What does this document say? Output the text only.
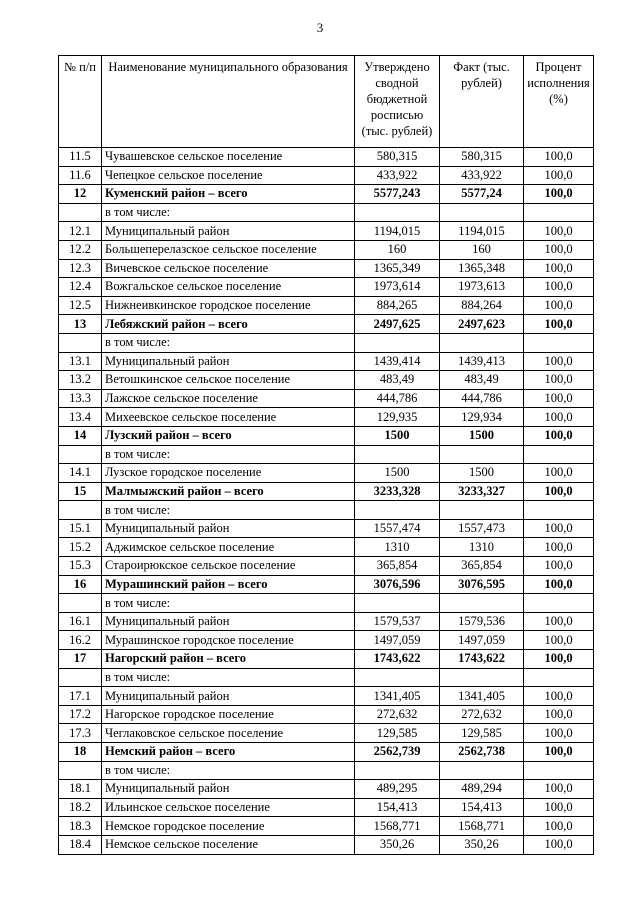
3
№ п/п	Наименование муниципального образования	Утверждено сводной бюджетной росписью (тыс. рублей)	Факт (тыс. рублей)	Процент исполнения (%)
11.5	Чувашевское сельское поселение	580,315	580,315	100,0
11.6	Чепецкое сельское поселение	433,922	433,922	100,0
12	Куменский район – всего	5577,243	5577,24	100,0
	в том числе:			
12.1	Муниципальный район	1194,015	1194,015	100,0
12.2	Большеперелазское сельское поселение	160	160	100,0
12.3	Вичевское сельское поселение	1365,349	1365,348	100,0
12.4	Вожгальское сельское поселение	1973,614	1973,613	100,0
12.5	Нижнеивкинское городское поселение	884,265	884,264	100,0
13	Лебяжский район – всего	2497,625	2497,623	100,0
	в том числе:			
13.1	Муниципальный район	1439,414	1439,413	100,0
13.2	Ветошкинское сельское поселение	483,49	483,49	100,0
13.3	Лажское сельское поселение	444,786	444,786	100,0
13.4	Михеевское сельское поселение	129,935	129,934	100,0
14	Лузский район – всего	1500	1500	100,0
	в том числе:			
14.1	Лузское городское поселение	1500	1500	100,0
15	Малмыжский район – всего	3233,328	3233,327	100,0
	в том числе:			
15.1	Муниципальный район	1557,474	1557,473	100,0
15.2	Аджимское сельское поселение	1310	1310	100,0
15.3	Староирюкское сельское поселение	365,854	365,854	100,0
16	Мурашинский район – всего	3076,596	3076,595	100,0
	в том числе:			
16.1	Муниципальный район	1579,537	1579,536	100,0
16.2	Мурашинское городское поселение	1497,059	1497,059	100,0
17	Нагорский район – всего	1743,622	1743,622	100,0
	в том числе:			
17.1	Муниципальный район	1341,405	1341,405	100,0
17.2	Нагорское городское поселение	272,632	272,632	100,0
17.3	Чеглаковское сельское поселение	129,585	129,585	100,0
18	Немский район – всего	2562,739	2562,738	100,0
	в том числе:			
18.1	Муниципальный район	489,295	489,294	100,0
18.2	Ильинское сельское поселение	154,413	154,413	100,0
18.3	Немское городское поселение	1568,771	1568,771	100,0
18.4	Немское сельское поселение	350,26	350,26	100,0
